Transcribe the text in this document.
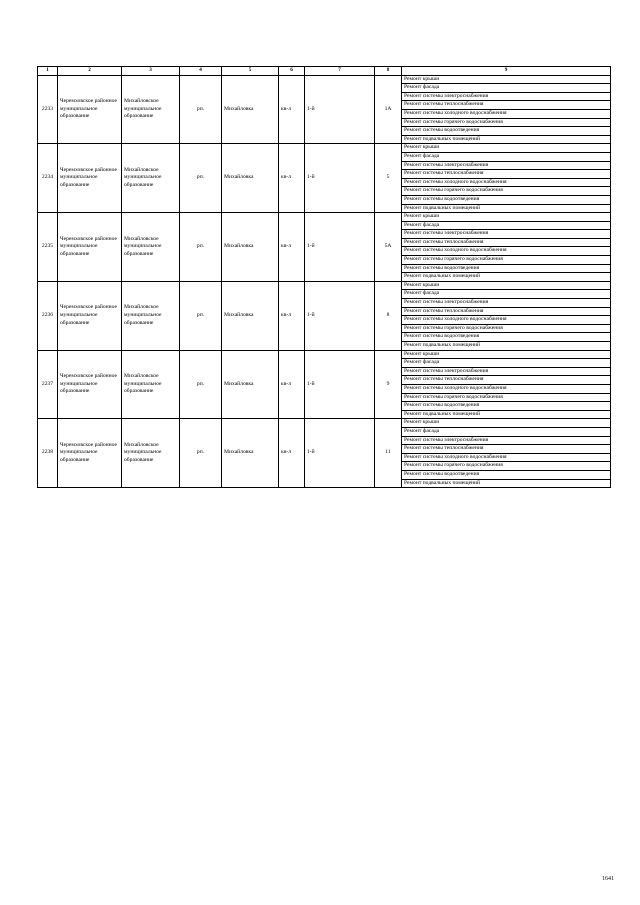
1	2	3	4	5	6	7	8	9
2233	Черемховское районное муниципальное образование	Михайловское муниципальное образование	рп.	Михайловка	кв-л	1-й	1А	Ремонт крыши
								Ремонт фасада
								Ремонт системы электроснабжения
								Ремонт системы теплоснабжения
								Ремонт системы холодного водоснабжения
								Ремонт системы горячего водоснабжения
								Ремонт системы водоотведения
								Ремонт подвальных помещений
2234	Черемховское районное муниципальное образование	Михайловское муниципальное образование	рп.	Михайловка	кв-л	1-й	5	Ремонт крыши
								Ремонт фасада
								Ремонт системы электроснабжения
								Ремонт системы теплоснабжения
								Ремонт системы холодного водоснабжения
								Ремонт системы горячего водоснабжения
								Ремонт системы водоотведения
								Ремонт подвальных помещений
2235	Черемховское районное муниципальное образование	Михайловское муниципальное образование	рп.	Михайловка	кв-л	1-й	5А	Ремонт крыши
								Ремонт фасада
								Ремонт системы электроснабжения
								Ремонт системы теплоснабжения
								Ремонт системы холодного водоснабжения
								Ремонт системы горячего водоснабжения
								Ремонт системы водоотведения
								Ремонт подвальных помещений
2236	Черемховское районное муниципальное образование	Михайловское муниципальное образование	рп.	Михайловка	кв-л	1-й	8	Ремонт крыши
								Ремонт фасада
								Ремонт системы электроснабжения
								Ремонт системы теплоснабжения
								Ремонт системы холодного водоснабжения
								Ремонт системы горячего водоснабжения
								Ремонт системы водоотведения
								Ремонт подвальных помещений
2237	Черемховское районное муниципальное образование	Михайловское муниципальное образование	рп.	Михайловка	кв-л	1-й	9	Ремонт крыши
								Ремонт фасада
								Ремонт системы электроснабжения
								Ремонт системы теплоснабжения
								Ремонт системы холодного водоснабжения
								Ремонт системы горячего водоснабжения
								Ремонт системы водоотведения
								Ремонт подвальных помещений
2238	Черемховское районное муниципальное образование	Михайловское муниципальное образование	рп.	Михайловка	кв-л	1-й	11	Ремонт крыши
								Ремонт фасада
								Ремонт системы электроснабжения
								Ремонт системы теплоснабжения
								Ремонт системы холодного водоснабжения
								Ремонт системы горячего водоснабжения
								Ремонт системы водоотведения
								Ремонт подвальных помещений
1641
